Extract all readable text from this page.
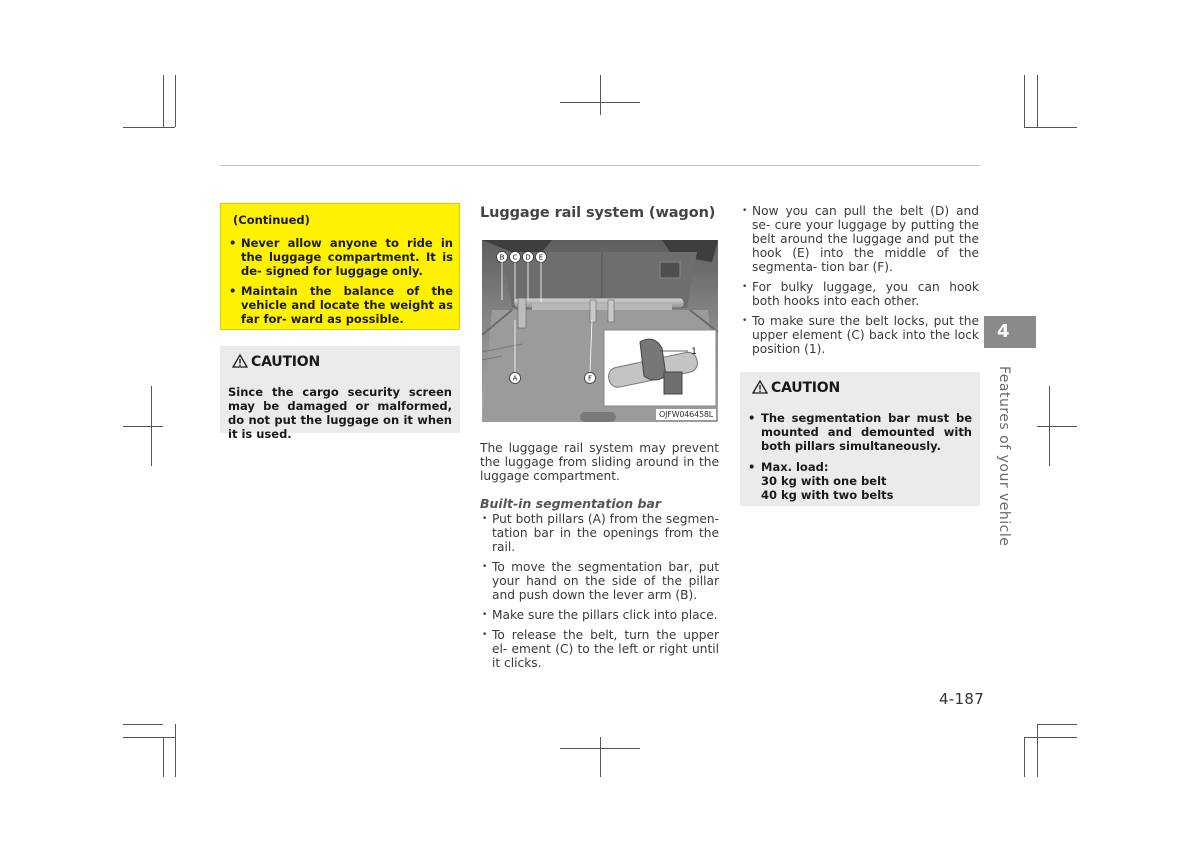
(Continued)
• Never allow anyone to ride in the luggage compartment. It is de- signed for luggage only.
• Maintain the balance of the vehicle and locate the weight as far for- ward as possible.
CAUTION
Since the cargo security screen may be damaged or malformed, do not put the luggage on it when it is used.
Luggage rail system (wagon)
B C D E
A	F
1
OJFW046458L
The luggage rail system may prevent the luggage from sliding around in the luggage compartment.
Built-in segmentation bar
• Put both pillars (A) from the segmen- tation bar in the openings from the rail.
• To move the segmentation bar, put your hand on the side of the pillar and push down the lever arm (B).
• Make sure the pillars click into place.
• To release the belt, turn the upper el- ement (C) to the left or right until it clicks.
• Now you can pull the belt (D) and se- cure your luggage by putting the belt around the luggage and put the hook (E) into the middle of the segmenta- tion bar (F).
• For bulky luggage, you can hook both hooks into each other.
• To make sure the belt locks, put the upper element (C) back into the lock position (1).
CAUTION
• The segmentation bar must be mounted and demounted with both pillars simultaneously.
• Max. load:
30 kg with one belt
40 kg with two belts
4
Features of your vehicle
4-187
